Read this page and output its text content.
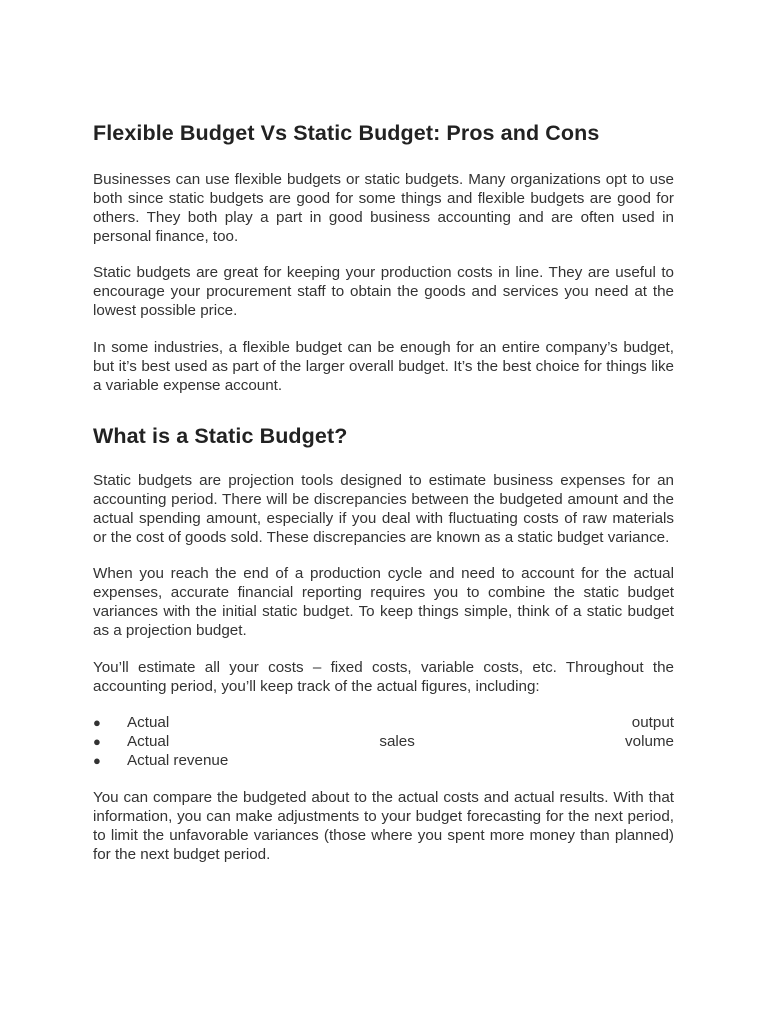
Flexible Budget Vs Static Budget: Pros and Cons

Businesses can use flexible budgets or static budgets. Many organizations opt to use both since static budgets are good for some things and flexible budgets are good for others. They both play a part in good business accounting and are often used in personal finance, too.

Static budgets are great for keeping your production costs in line. They are useful to encourage your procurement staff to obtain the goods and services you need at the lowest possible price.

In some industries, a flexible budget can be enough for an entire company’s budget, but it’s best used as part of the larger overall budget. It’s the best choice for things like a variable expense account.

What is a Static Budget?

Static budgets are projection tools designed to estimate business expenses for an accounting period. There will be discrepancies between the budgeted amount and the actual spending amount, especially if you deal with fluctuating costs of raw materials or the cost of goods sold. These discrepancies are known as a static budget variance.

When you reach the end of a production cycle and need to account for the actual expenses, accurate financial reporting requires you to combine the static budget variances with the initial static budget. To keep things simple, think of a static budget as a projection budget.

You’ll estimate all your costs – fixed costs, variable costs, etc. Throughout the accounting period, you’ll keep track of the actual figures, including:

● Actual output
● Actual sales volume
● Actual revenue

You can compare the budgeted about to the actual costs and actual results. With that information, you can make adjustments to your budget forecasting for the next period, to limit the unfavorable variances (those where you spent more money than planned) for the next budget period.
